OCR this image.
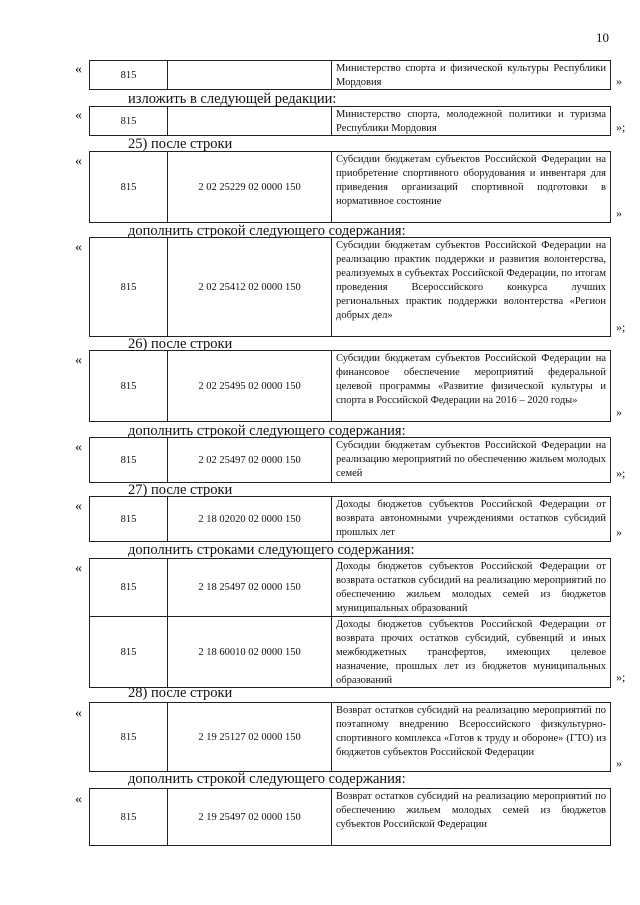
10
«	815
Министерство спорта и физической культуры Республики Мордовия	»
изложить в следующей редакции:
«	815
Министерство спорта, молодежной политики и туризма Республики Мордовия	»;
25) после строки
«
815	2 02 25229 02 0000 150
Субсидии бюджетам субъектов Российской Федерации на приобретение спортивного оборудования и инвентаря для приведения организаций спортивной подготовки в нормативное состояние
»
дополнить строкой следующего содержания:
«
815	2 02 25412 02 0000 150
Субсидии бюджетам субъектов Российской Федерации на реализацию практик поддержки и развития волонтерства, реализуемых в субъектах Российской Федерации, по итогам проведения Всероссийского конкурса лучших региональных практик поддержки волонтерства «Регион добрых дел»
»;
26) после строки
«
815	2 02 25495 02 0000 150
Субсидии бюджетам субъектов Российской Федерации на финансовое обеспечение мероприятий федеральной целевой программы «Развитие физической культуры и спорта в Российской Федерации на 2016 – 2020 годы»
»
дополнить строкой следующего содержания:
«
815	2 02 25497 02 0000 150
Субсидии бюджетам субъектов Российской Федерации на реализацию мероприятий по обеспечению жильем молодых семей	»;
27) после строки
«
815	2 18 02020 02 0000 150
Доходы бюджетов субъектов Российской Федерации от возврата автономными учреждениями остатков субсидий прошлых лет	»
дополнить строками следующего содержания:
«
815	2 18 25497 02 0000 150
Доходы бюджетов субъектов Российской Федерации от возврата остатков субсидий на реализацию мероприятий по обеспечению жильем молодых семей из бюджетов муниципальных образований
815	2 18 60010 02 0000 150
Доходы бюджетов субъектов Российской Федерации от возврата прочих остатков субсидий, субвенций и иных межбюджетных трансфертов, имеющих целевое назначение, прошлых лет из бюджетов муниципальных образований	»;
28) после строки
«
815	2 19 25127 02 0000 150
Возврат остатков субсидий на реализацию мероприятий по поэтапному внедрению Всероссийского физкультурно-спортивного комплекса «Готов к труду и обороне» (ГТО) из бюджетов субъектов Российской Федерации
»
дополнить строкой следующего содержания:
«
815	2 19 25497 02 0000 150
Возврат остатков субсидий на реализацию мероприятий по обеспечению жильем молодых семей из бюджетов субъектов Российской Федерации
